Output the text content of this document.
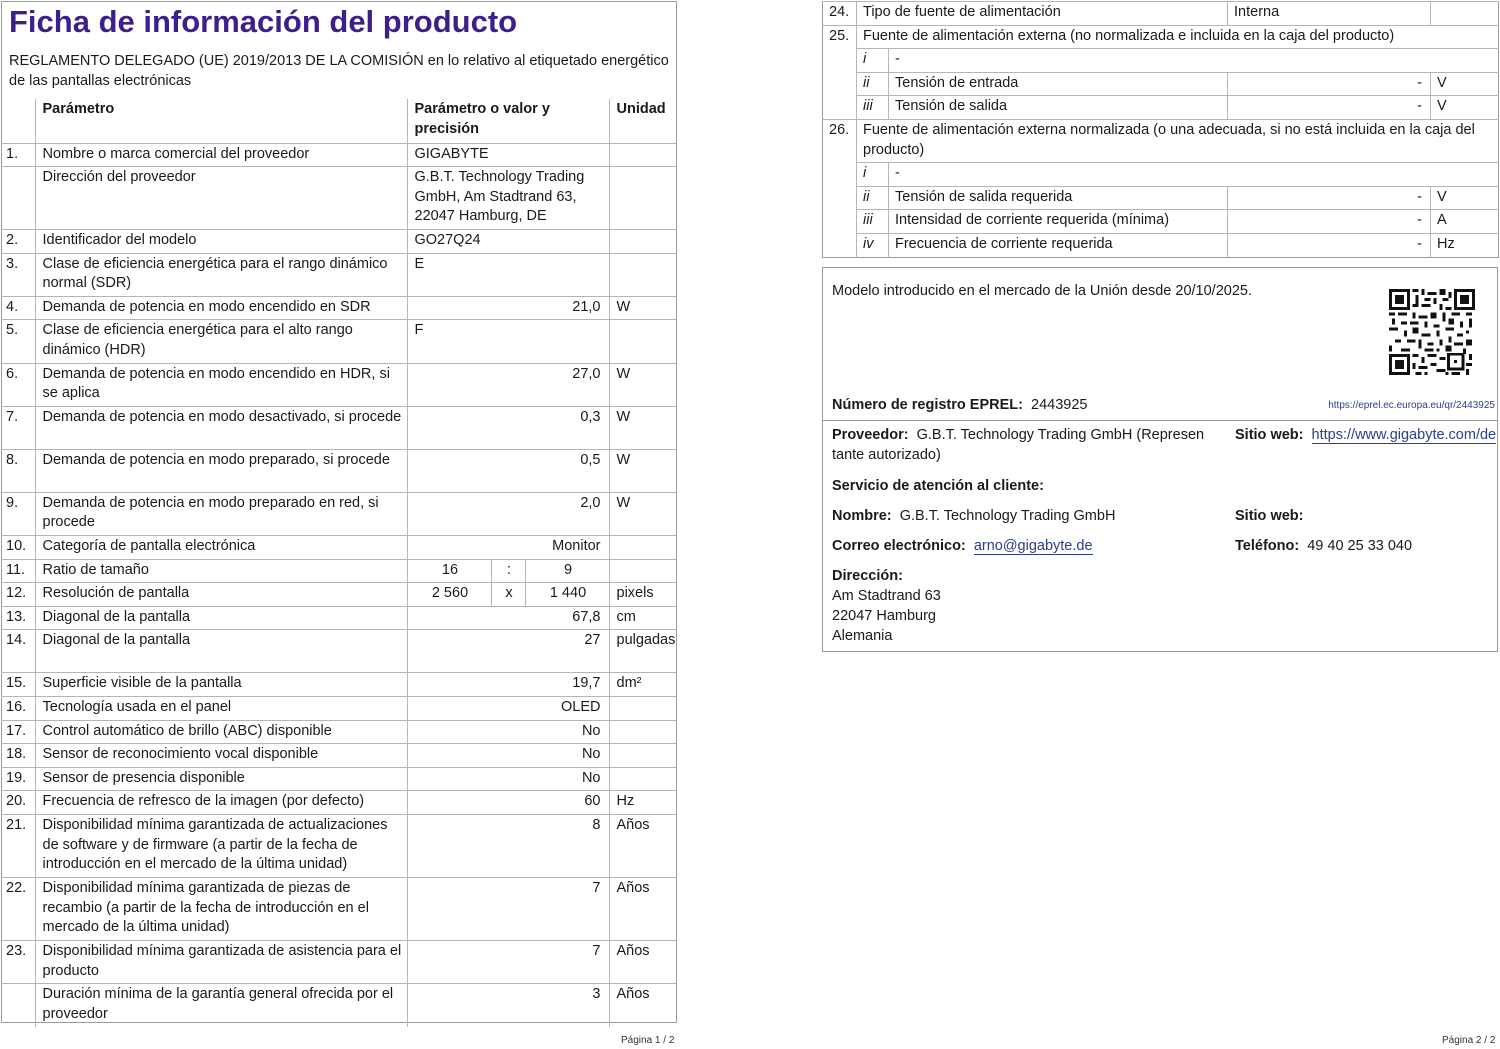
Ficha de información del producto
REGLAMENTO DELEGADO (UE) 2019/2013 DE LA COMISIÓN en lo relativo al etiquetado energético de las pantallas electrónicas
	Parámetro	Parámetro o valor y precisión			Unidad
1.	Nombre o marca comercial del proveedor	GIGABYTE			
	Dirección del proveedor	G.B.T. Technology Trading GmbH, Am Stadtrand 63, 22047 Hamburg, DE			
2.	Identificador del modelo	GO27Q24			
3.	Clase de eficiencia energética para el rango dinámico normal (SDR)	E			
4.	Demanda de potencia en modo encendido en SDR	21,0			W
5.	Clase de eficiencia energética para el alto rango dinámico (HDR)	F			
6.	Demanda de potencia en modo encendido en HDR, si se aplica	27,0			W
7.	Demanda de potencia en modo desactivado, si procede	0,3			W
8.	Demanda de potencia en modo preparado, si procede	0,5			W
9.	Demanda de potencia en modo preparado en red, si procede	2,0			W
10.	Categoría de pantalla electrónica	Monitor			
11.	Ratio de tamaño	16	:	9	
12.	Resolución de pantalla	2 560	x	1 440	pixels
13.	Diagonal de la pantalla	67,8			cm
14.	Diagonal de la pantalla	27			pulgadas
15.	Superficie visible de la pantalla	19,7			dm²
16.	Tecnología usada en el panel	OLED			
17.	Control automático de brillo (ABC) disponible	No			
18.	Sensor de reconocimiento vocal disponible	No			
19.	Sensor de presencia disponible	No			
20.	Frecuencia de refresco de la imagen (por defecto)	60			Hz
21.	Disponibilidad mínima garantizada de actualizaciones de software y de firmware (a partir de la fecha de introducción en el mercado de la última unidad)	8			Años
22.	Disponibilidad mínima garantizada de piezas de recambio (a partir de la fecha de introducción en el mercado de la última unidad)	7			Años
23.	Disponibilidad mínima garantizada de asistencia para el producto	7			Años
	Duración mínima de la garantía general ofrecida por el proveedor	3			Años
Página 1 / 2
24.	Tipo de fuente de alimentación		Interna	
25.	Fuente de alimentación externa (no normalizada e incluida en la caja del producto)			
	i	-		
	ii	Tensión de entrada	-	V
	iii	Tensión de salida	-	V
26.	Fuente de alimentación externa normalizada (o una adecuada, si no está incluida en la caja del producto)			
	i	-		
	ii	Tensión de salida requerida	-	V
	iii	Intensidad de corriente requerida (mínima)	-	A
	iv	Frecuencia de corriente requerida	-	Hz
Modelo introducido en el mercado de la Unión desde 20/10/2025.
Número de registro EPREL: 2443925	https://eprel.ec.europa.eu/qr/2443925
Proveedor: G.B.T. Technology Trading GmbH (Represen tante autorizado)
Sitio web: https://www.gigabyte.com/de
Servicio de atención al cliente:
Nombre: G.B.T. Technology Trading GmbH	Sitio web:
Correo electrónico: arno@gigabyte.de	Teléfono: 49 40 25 33 040
Dirección:
Am Stadtrand 63
22047 Hamburg
Alemania
Página 2 / 2
